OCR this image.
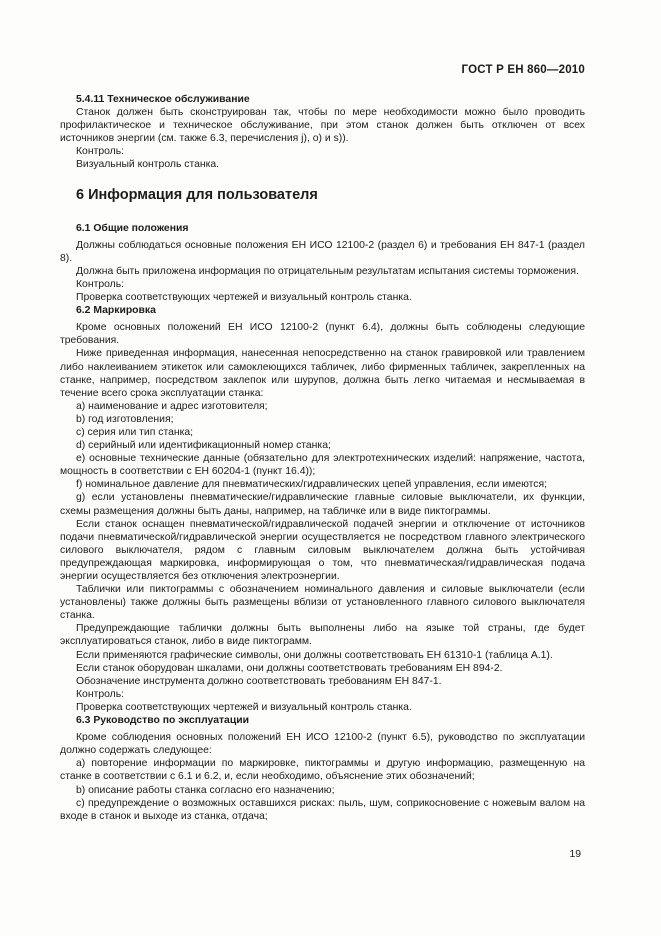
ГОСТ Р ЕН 860—2010

5.4.11 Техническое обслуживание

Станок должен быть сконструирован так, чтобы по мере необходимости можно было проводить профилактическое и техническое обслуживание, при этом станок должен быть отключен от всех источников энергии (см. также 6.3, перечисления j), о) и s)).

Контроль:

Визуальный контроль станка.

6 Информация для пользователя

6.1 Общие положения

Должны соблюдаться основные положения ЕН ИСО 12100-2 (раздел 6) и требования ЕН 847-1 (раздел 8).

Должна быть приложена информация по отрицательным результатам испытания системы торможения.

Контроль:

Проверка соответствующих чертежей и визуальный контроль станка.

6.2 Маркировка

Кроме основных положений ЕН ИСО 12100-2 (пункт 6.4), должны быть соблюдены следующие требования.

Ниже приведенная информация, нанесенная непосредственно на станок гравировкой или травлением либо наклеиванием этикеток или самоклеющихся табличек, либо фирменных табличек, закрепленных на станке, например, посредством заклепок или шурупов, должна быть легко читаемая и несмываемая в течение всего срока эксплуатации станка:

a) наименование и адрес изготовителя;

b) год изготовления;

c) серия или тип станка;

d) серийный или идентификационный номер станка;

e) основные технические данные (обязательно для электротехнических изделий: напряжение, частота, мощность в соответствии с ЕН 60204-1 (пункт 16.4));

f) номинальное давление для пневматических/гидравлических цепей управления, если имеются;

g) если установлены пневматические/гидравлические главные силовые выключатели, их функции, схемы размещения должны быть даны, например, на табличке или в виде пиктограммы.

Если станок оснащен пневматической/гидравлической подачей энергии и отключение от источников подачи пневматической/гидравлической энергии осуществляется не посредством главного электрического силового выключателя, рядом с главным силовым выключателем должна быть устойчивая предупреждающая маркировка, информирующая о том, что пневматическая/гидравлическая подача энергии осуществляется без отключения электроэнергии.

Таблички или пиктограммы с обозначением номинального давления и силовые выключатели (если установлены) также должны быть размещены вблизи от установленного главного силового выключателя станка.

Предупреждающие таблички должны быть выполнены либо на языке той страны, где будет эксплуатироваться станок, либо в виде пиктограмм.

Если применяются графические символы, они должны соответствовать ЕН 61310-1 (таблица А.1).

Если станок оборудован шкалами, они должны соответствовать требованиям ЕН 894-2.

Обозначение инструмента должно соответствовать требованиям ЕН 847-1.

Контроль:

Проверка соответствующих чертежей и визуальный контроль станка.

6.3 Руководство по эксплуатации

Кроме соблюдения основных положений ЕН ИСО 12100-2 (пункт 6.5), руководство по эксплуатации должно содержать следующее:

a) повторение информации по маркировке, пиктограммы и другую информацию, размещенную на станке в соответствии с 6.1 и 6.2, и, если необходимо, объяснение этих обозначений;

b) описание работы станка согласно его назначению;

c) предупреждение о возможных оставшихся рисках: пыль, шум, соприкосновение с ножевым валом на входе в станок и выходе из станка, отдача;

19
